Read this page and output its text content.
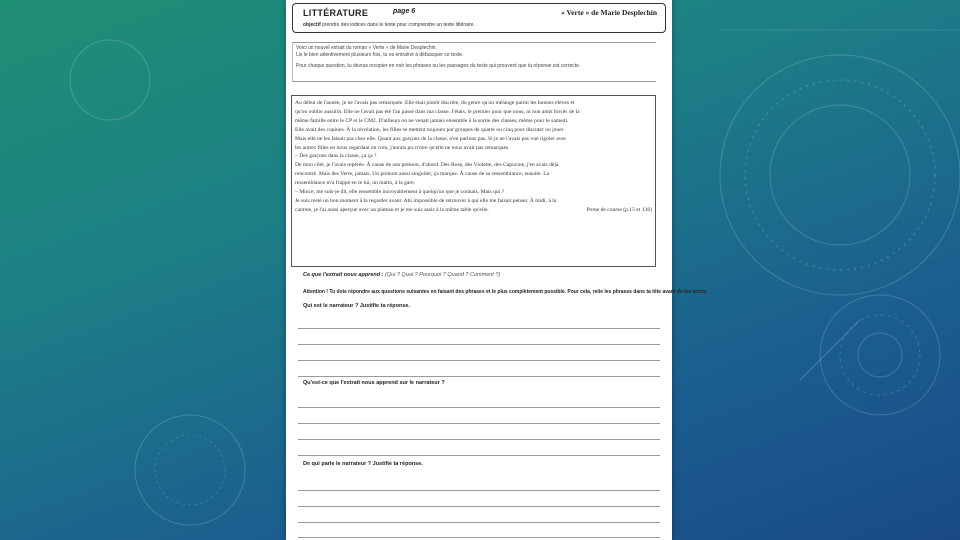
LITTÉRATURE	page 6	« Verte » de Marie Desplechin
objectif prendre des indices dans le texte pour comprendre un texte littéraire.

Voici un nouvel extrait du roman « Verte » de Marie Desplechin.

Lis le bien attentivement plusieurs fois, tu es entraîné à débusquer ce texte.

Pour chaque question, tu devras recopier en noir les phrases ou les passages du texte qui prouvent que ta réponse est correcte.

Au début de l'année, je ne l'avais pas remarquée. Elle était plutôt discrète, du genre qu'on mélange parmi les bonnes élèves et

qu'on oublie aussitôt. Elle ne l'avait pas été l'an passé dans ma classe. J'étais, le premier pour que nous, ni non amis forcés de la

même famille entre le CP et le CM2. D'ailleurs on ne venait jamais ensemble à la sortie des classes, même pour le samedi.

Elle avait des copines. À la récréation, les filles se mettent toujours par groupes de quatre ou cinq pour discuter ou jouer

Mais elle ne les faisait pas chez elle. Quant aux garçons de la classe, n'en parlons pas. Si je ne l'avais pas vue rigoler avec

les autres filles en nous regardant en coin, j'aurais pu croire qu'elle ne nous avait pas remarqués.

– Des garçons dans la classe, ça ça ?

De mon côté, je l'avais repérée. À cause de son prénom, d'abord. Des Rose, des Violette, des Capucine, j'en avais déjà

rencontré. Mais des Verte, jamais. Un prénom aussi singulier, ça marque. À cause de sa ressemblance, ensuite. La

ressemblance m'a frappé en le lui, un matin, à la gare.

– Mince, me suis-je dit, elle ressemble incroyablement à quelqu'un que je connais. Mais qui ?

Je suis resté un bon moment à la regarder avant. Ahi impossible de retrouver à qui elle me faisait penser. À midi, à la

cantine, je l'ai aussi aperçue avec un plateau et je me suis assis à la même table qu'elle.	Pome de course (p.15 et 136)

Ce que l'extrait nous apprend : (Qui ? Quoi ? Pourquoi ? Quand ? Comment ?)
Attention ! Tu dois répondre aux questions suivantes en faisant des phrases et le plus complètement possible. Pour cela, relie les phrases dans ta tête avant de les écrire.
Qui est le narrateur ? Justifie ta réponse.
Qu'est-ce que l'extrait nous apprend sur le narrateur ?
De qui parle le narrateur ? Justifie ta réponse.
